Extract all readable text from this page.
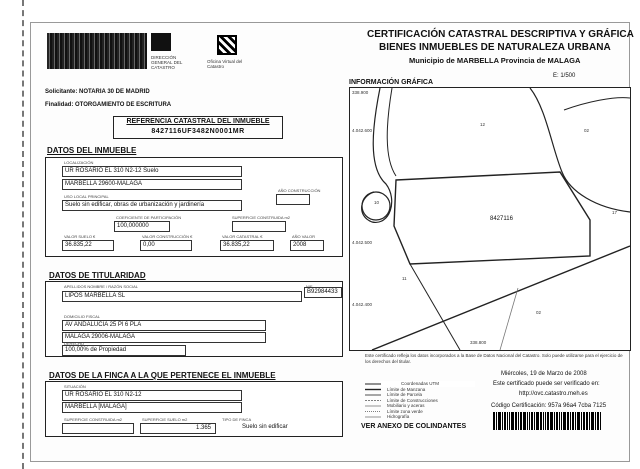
DIRECCIÓN GENERAL DEL CATASTRO
Oficina Virtual del Catastro
CERTIFICACIÓN CATASTRAL DESCRIPTIVA Y GRÁFICA
BIENES INMUEBLES DE NATURALEZA URBANA
Municipio de MARBELLA Provincia de MALAGA
Solicitante: NOTARIA 30 DE MADRID
Finalidad: OTORGAMIENTO DE ESCRITURA
REFERENCIA CATASTRAL DEL INMUEBLE
8427116UF3482N0001MR
DATOS DEL INMUEBLE
LOCALIZACIÓN
UR ROSARIO EL 310 N2-12 Suelo
MARBELLA 29600-MALAGA
USO LOCAL PRINCIPAL
Suelo sin edificar, obras de urbanización y jardinería
AÑO CONSTRUCCIÓN
COEFICIENTE DE PARTICIPACIÓN
100,000000
SUPERFICIE CONSTRUIDA m2
VALOR SUELO €
36.835,22
VALOR CONSTRUCCIÓN €
0,00
VALOR CATASTRAL €
36.835,22
AÑO VALOR
2008
DATOS DE TITULARIDAD
APELLIDOS NOMBRE / RAZÓN SOCIAL
LIPOS MARBELLA SL
NIF
B92984433
DOMICILIO FISCAL
AV ANDALUCIA 25 Pl 6 PLA
MALAGA 29006-MALAGA
DERECHO
100,00% de Propiedad
DATOS DE LA FINCA A LA QUE PERTENECE EL INMUEBLE
SITUACIÓN
UR ROSARIO EL 310 N2-12
MARBELLA [MALAGA]
SUPERFICIE CONSTRUIDA m2	SUPERFICIE SUELO m2
1.365
TIPO DE FINCA
Suelo sin edificar
INFORMACIÓN GRÁFICA
E: 1/500
8427116
12
02
11
10
02
17
338.900
4.042.600
4.042.500
4.042.400
338.800
Este certificado refleja los datos incorporados a la Base de Datos Nacional del Catastro. Solo puede utilizarse para el ejercicio de los derechos del titular.
Coordenadas UTM
Límite de Manzana
Límite de Parcela
Límite de Construcciones
Mobiliario y aceras
Límite zona verde
Hidrografía
Miércoles, 19 de Marzo de 2008
Este certificado puede ser verificado en:
http://ovc.catastro.meh.es
Código Certificación: 957a 96a4 7cba 7125
VER ANEXO DE COLINDANTES
